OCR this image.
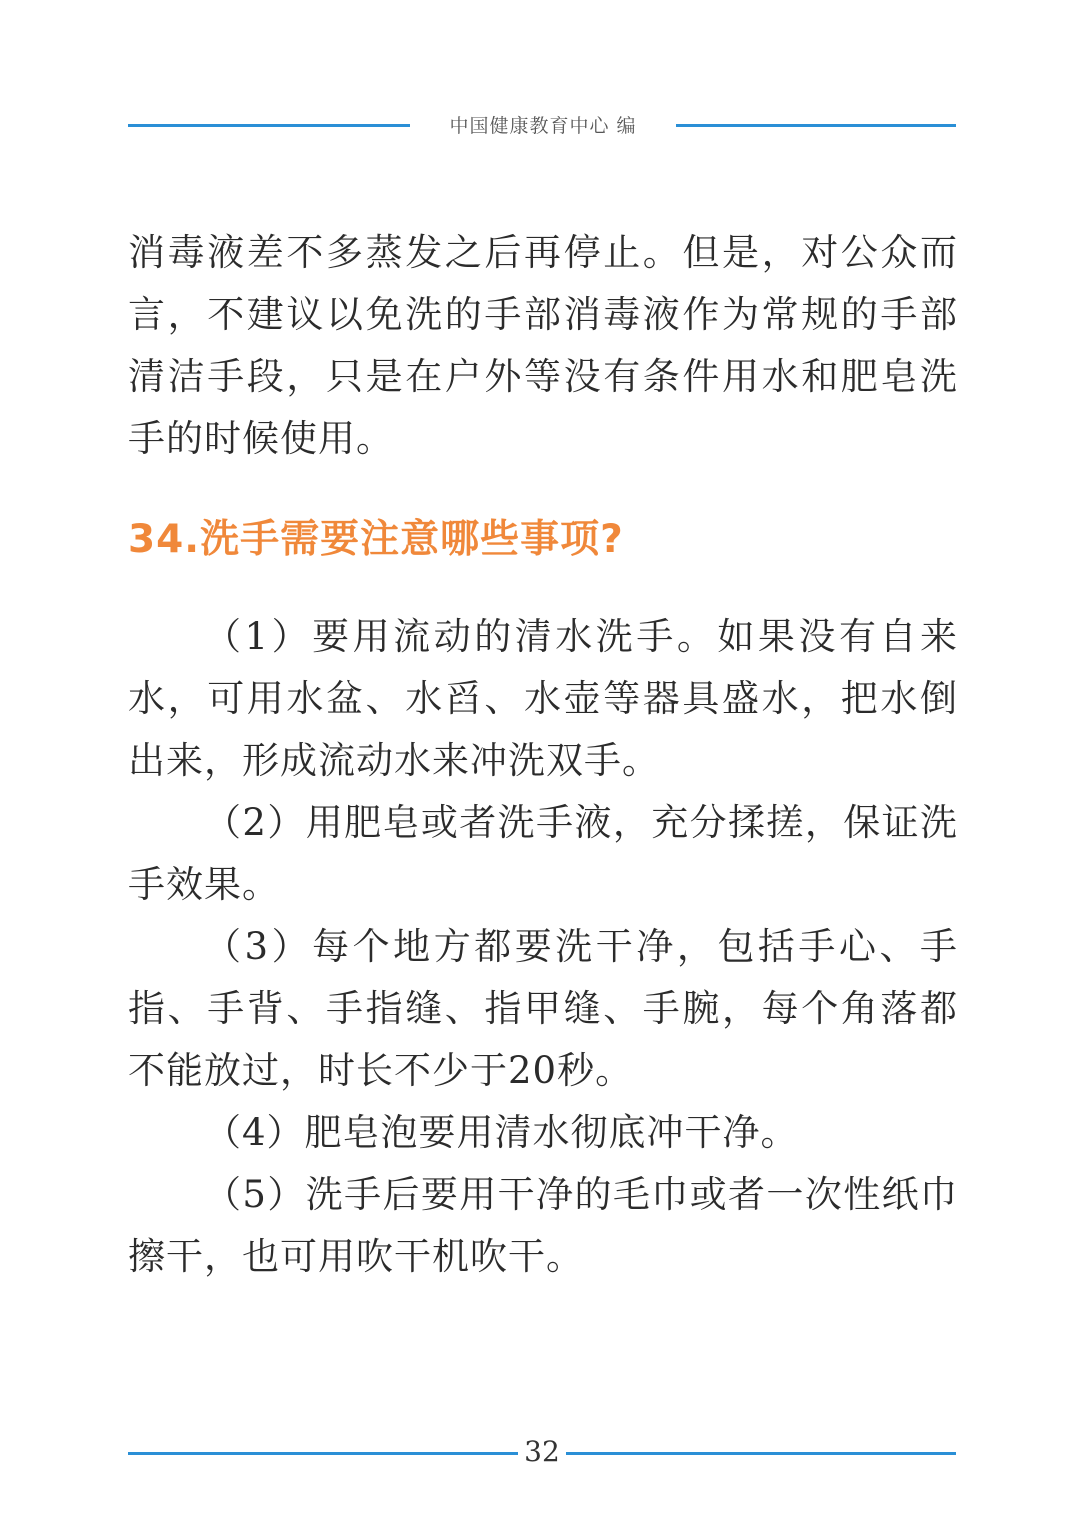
中国健康教育中心 编

消毒液差不多蒸发之后再停止。但是，对公众而言，不建议以免洗的手部消毒液作为常规的手部清洁手段，只是在户外等没有条件用水和肥皂洗手的时候使用。

34.洗手需要注意哪些事项?

（1）要用流动的清水洗手。如果没有自来水，可用水盆、水舀、水壶等器具盛水，把水倒出来，形成流动水来冲洗双手。

（2）用肥皂或者洗手液，充分揉搓，保证洗手效果。

（3）每个地方都要洗干净，包括手心、手指、手背、手指缝、指甲缝、手腕，每个角落都不能放过，时长不少于20秒。

（4）肥皂泡要用清水彻底冲干净。

（5）洗手后要用干净的毛巾或者一次性纸巾擦干，也可用吹干机吹干。

32
